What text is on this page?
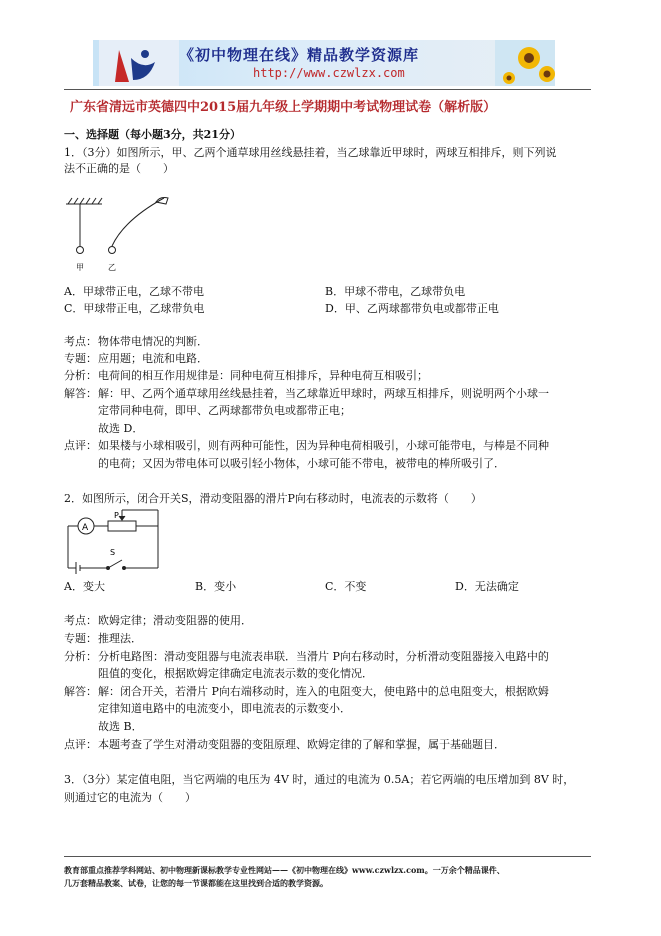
《初中物理在线》精品教学资源库
http://www.czwlzx.com
广东省清远市英德四中2015届九年级上学期期中考试物理试卷（解析版）
一、选择题（每小题3分，共21分）
1．（3分）如图所示，甲、乙两个通草球用丝线悬挂着，当乙球靠近甲球时，两球互相排斥，则下列说
法不正确的是（　　）
甲	乙
A．甲球带正电，乙球不带电	B．甲球不带电，乙球带负电
C．甲球带正电，乙球带负电	D．甲、乙两球都带负电或都带正电
考点： 物体带电情况的判断．
专题： 应用题；电流和电路．
分析： 电荷间的相互作用规律是：同种电荷互相排斥，异种电荷互相吸引；
解答： 解：甲、乙两个通草球用丝线悬挂着，当乙球靠近甲球时，两球互相排斥，则说明两个小球一
定带同种电荷，即甲、乙两球都带负电或都带正电；
故选 D．
点评： 如果楼与小球相吸引，则有两种可能性，因为异种电荷相吸引，小球可能带电，与棒是不同种
的电荷；又因为带电体可以吸引轻小物体，小球可能不带电，被带电的棒所吸引了．
2．如图所示，闭合开关S，滑动变阻器的滑片P向右移动时，电流表的示数将（　　）
A
P
S
A．变大	B．变小	C．不变	D．无法确定
考点： 欧姆定律；滑动变阻器的使用．
专题： 推理法．
分析： 分析电路图：滑动变阻器与电流表串联．当滑片 P向右移动时，分析滑动变阻器接入电路中的
阻值的变化，根据欧姆定律确定电流表示数的变化情况．
解答： 解：闭合开关，若滑片 P向右端移动时，连入的电阻变大，使电路中的总电阻变大，根据欧姆
定律知道电路中的电流变小，即电流表的示数变小．
故选 B．
点评： 本题考查了学生对滑动变阻器的变阻原理、欧姆定律的了解和掌握，属于基础题目．
3．（3分）某定值电阻，当它两端的电压为 4V 时，通过的电流为 0.5A；若它两端的电压增加到 8V 时，
则通过它的电流为（　　）
教育部重点推荐学科网站、初中物理新课标教学专业性网站——《初中物理在线》www.czwlzx.com。一万余个精品课件、
几万套精品教案、试卷，让您的每一节课都能在这里找到合适的教学资源。
